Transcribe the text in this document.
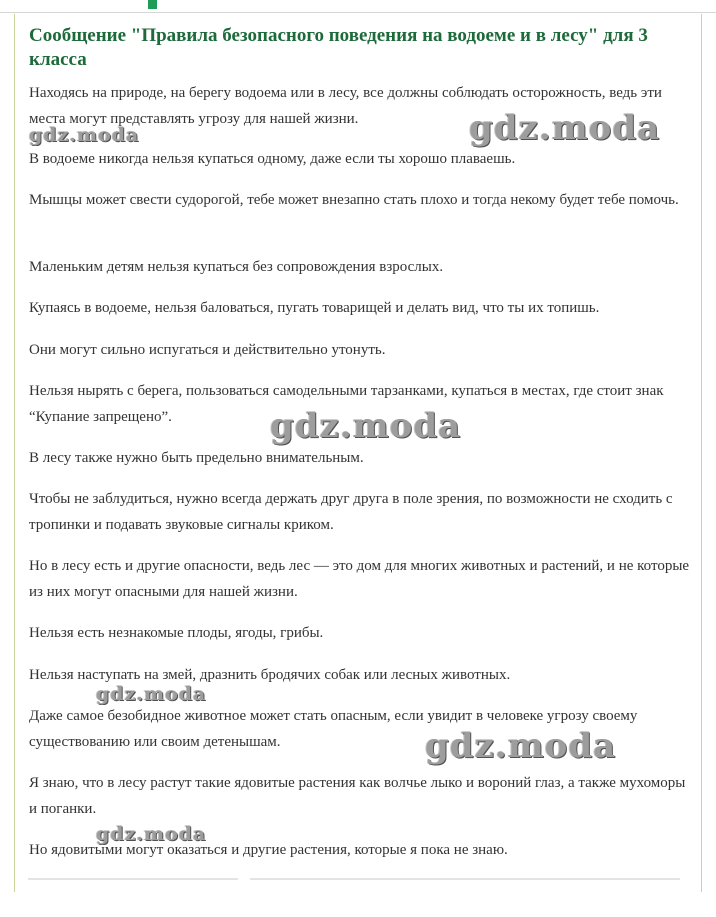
Сообщение "Правила безопасного поведения на водоеме и в лесу" для 3 класса

Находясь на природе, на берегу водоема или в лесу, все должны соблюдать осторожность, ведь эти места могут представлять угрозу для нашей жизни.

В водоеме никогда нельзя купаться одному, даже если ты хорошо плаваешь.

Мышцы может свести судорогой, тебе может внезапно стать плохо и тогда некому будет тебе помочь.

Маленьким детям нельзя купаться без сопровождения взрослых.

Купаясь в водоеме, нельзя баловаться, пугать товарищей и делать вид, что ты их топишь.

Они могут сильно испугаться и действительно утонуть.

Нельзя нырять с берега, пользоваться самодельными тарзанками, купаться в местах, где стоит знак “Купание запрещено”.

В лесу также нужно быть предельно внимательным.

Чтобы не заблудиться, нужно всегда держать друг друга в поле зрения, по возможности не сходить с тропинки и подавать звуковые сигналы криком.

Но в лесу есть и другие опасности, ведь лес — это дом для многих животных и растений, и не которые из них могут опасными для нашей жизни.

Нельзя есть незнакомые плоды, ягоды, грибы.

Нельзя наступать на змей, дразнить бродячих собак или лесных животных.

Даже самое безобидное животное может стать опасным, если увидит в человеке угрозу своему существованию или своим детенышам.

Я знаю, что в лесу растут такие ядовитые растения как волчье лыко и вороний глаз, а также мухоморы и поганки.

Но ядовитыми могут оказаться и другие растения, которые я пока не знаю.

gdz.moda	gdz.moda
gdz.moda
gdz.moda
gdz.moda
gdz.moda
